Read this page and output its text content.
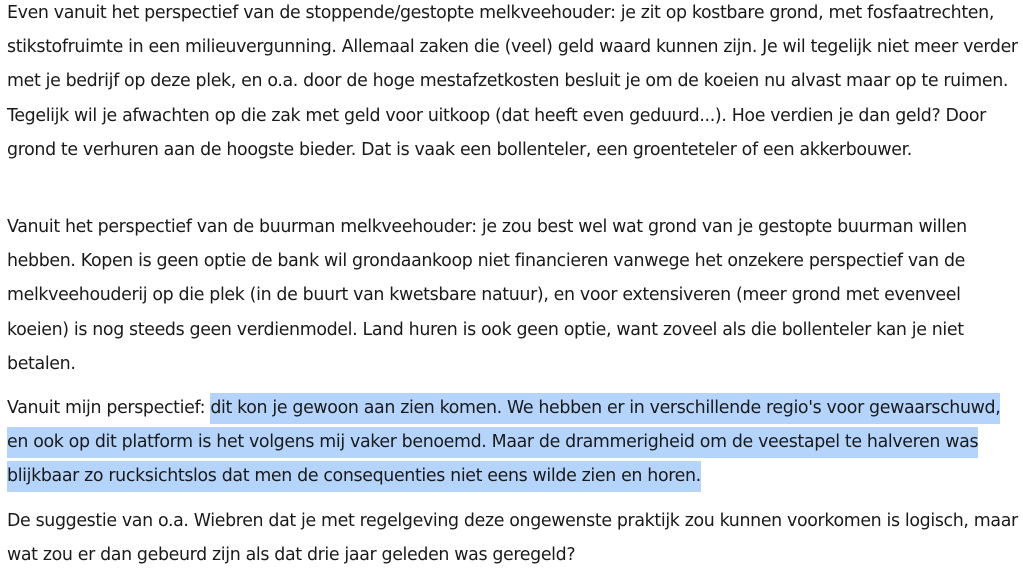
Even vanuit het perspectief van de stoppende/gestopte melkveehouder: je zit op kostbare grond, met fosfaatrechten, stikstofruimte in een milieuvergunning. Allemaal zaken die (veel) geld waard kunnen zijn. Je wil tegelijk niet meer verder met je bedrijf op deze plek, en o.a. door de hoge mestafzetkosten besluit je om de koeien nu alvast maar op te ruimen. Tegelijk wil je afwachten op die zak met geld voor uitkoop (dat heeft even geduurd...). Hoe verdien je dan geld? Door grond te verhuren aan de hoogste bieder. Dat is vaak een bollenteler, een groenteteler of een akkerbouwer.

Vanuit het perspectief van de buurman melkveehouder: je zou best wel wat grond van je gestopte buurman willen hebben. Kopen is geen optie de bank wil grondaankoop niet financieren vanwege het onzekere perspectief van de melkveehouderij op die plek (in de buurt van kwetsbare natuur), en voor extensiveren (meer grond met evenveel koeien) is nog steeds geen verdienmodel. Land huren is ook geen optie, want zoveel als die bollenteler kan je niet betalen.

Vanuit mijn perspectief: dit kon je gewoon aan zien komen. We hebben er in verschillende regio's voor gewaarschuwd, en ook op dit platform is het volgens mij vaker benoemd. Maar de drammerigheid om de veestapel te halveren was blijkbaar zo rucksichtslos dat men de consequenties niet eens wilde zien en horen.

De suggestie van o.a. Wiebren dat je met regelgeving deze ongewenste praktijk zou kunnen voorkomen is logisch, maar wat zou er dan gebeurd zijn als dat drie jaar geleden was geregeld?
